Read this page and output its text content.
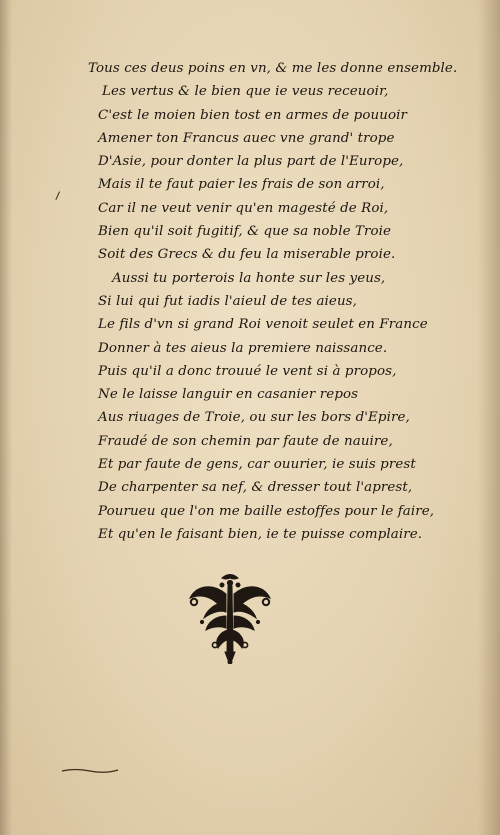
Tous ces deus poins en vn, & me les donne ensemble.
Les vertus & le bien que ie veus receuoir,
C'est le moien bien tost en armes de pouuoir
Amener ton Francus auec vne grand' trope
D'Asie, pour donter la plus part de l'Europe,
Mais il te faut paier les frais de son arroi,
Car il ne veut venir qu'en magesté de Roi,
Bien qu'il soit fugitif, & que sa noble Troie
Soit des Grecs & du feu la miserable proie.
Aussi tu porterois la honte sur les yeus,
Si lui qui fut iadis l'aieul de tes aieus,
Le fils d'vn si grand Roi venoit seulet en France
Donner à tes aieus la premiere naissance.
Puis qu'il a donc trouué le vent si à propos,
Ne le laisse languir en casanier repos
Aus riuages de Troie, ou sur les bors d'Epire,
Fraudé de son chemin par faute de nauire,
Et par faute de gens, car ouurier, ie suis prest
De charpenter sa nef, & dresser tout l'aprest,
Pourueu que l'on me baille estoffes pour le faire,
Et qu'en le faisant bien, ie te puisse complaire.
